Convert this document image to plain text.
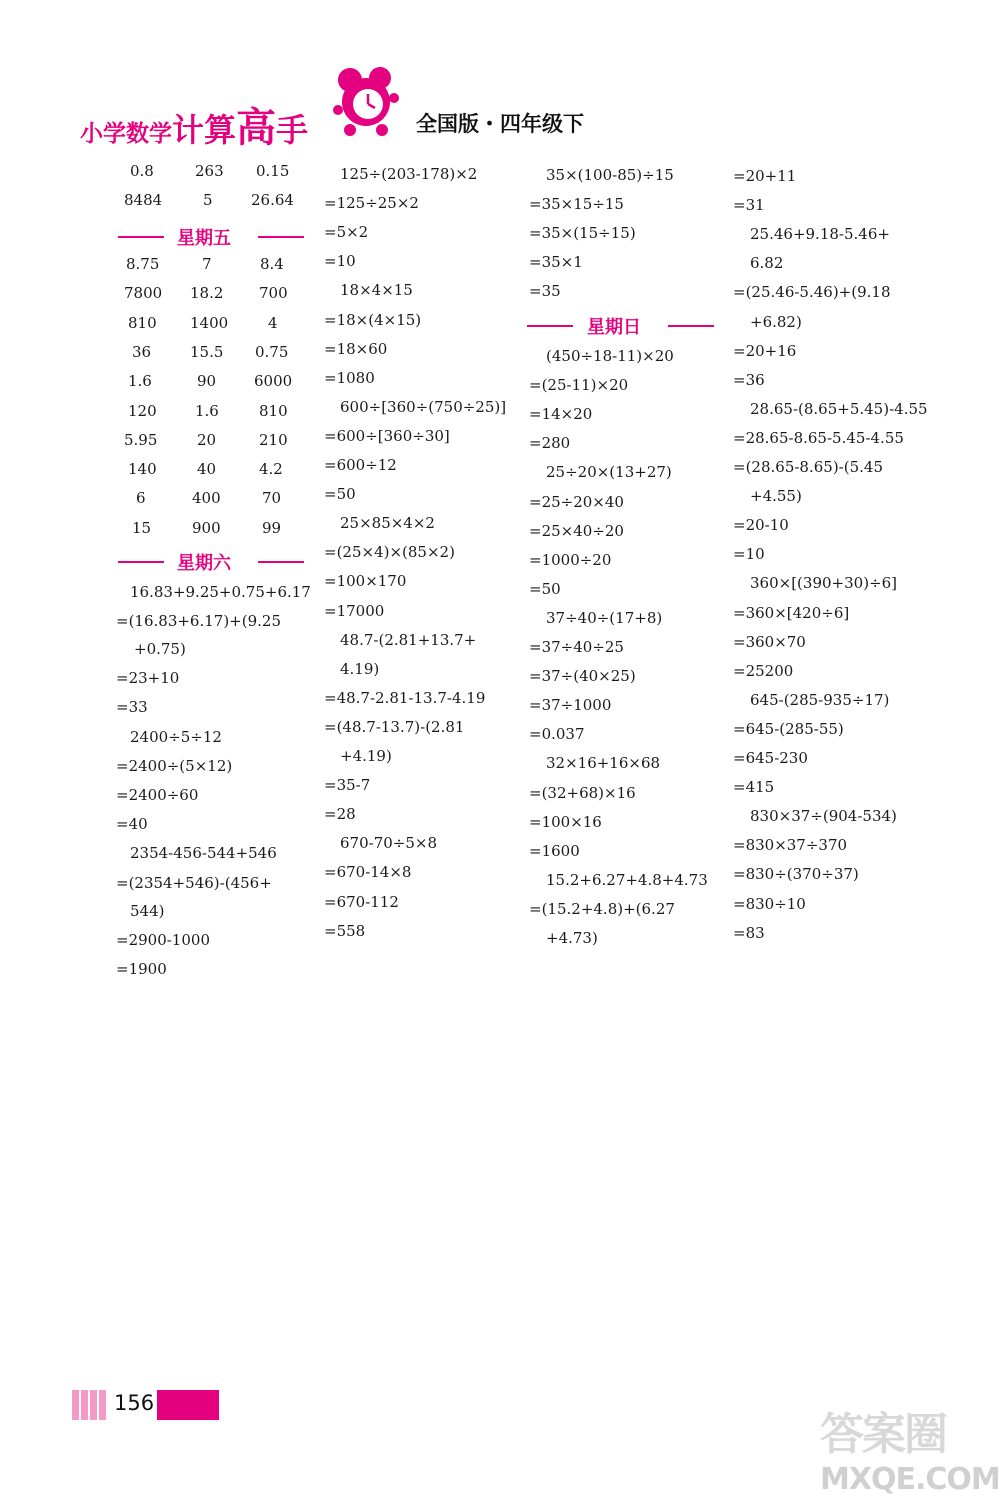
小学数学计算高手	全国版・四年级下
0.8	263 0.15
8484	5	26.64
星期五
8.75	7	8.4
7800 18.2 700
810 1400	4
36	15.5 0.75
1.6	90	6000
120	1.6	810
5.95	20	210
140	40	4.2
6	400	70
15	900	99
星期六
16.83+9.25+0.75+6.17
=(16.83+6.17)+(9.25
+0.75)
=23+10
=33
2400÷5÷12
=2400÷(5×12)
=2400÷60
=40
2354-456-544+546
=(2354+546)-(456+
544)
=2900-1000
=1900
125÷(203-178)×2
=125÷25×2
=5×2
=10
18×4×15
=18×(4×15)
=18×60
=1080
600÷[360÷(750÷25)]
=600÷[360÷30]
=600÷12
=50
25×85×4×2
=(25×4)×(85×2)
=100×170
=17000
48.7-(2.81+13.7+
4.19)
=48.7-2.81-13.7-4.19
=(48.7-13.7)-(2.81
+4.19)
=35-7
=28
670-70÷5×8
=670-14×8
=670-112
=558
35×(100-85)÷15
=35×15÷15
=35×(15÷15)
=35×1
=35
星期日
(450÷18-11)×20
=(25-11)×20
=14×20
=280
25÷20×(13+27)
=25÷20×40
=25×40÷20
=1000÷20
=50
37÷40÷(17+8)
=37÷40÷25
=37÷(40×25)
=37÷1000
=0.037
32×16+16×68
=(32+68)×16
=100×16
=1600
15.2+6.27+4.8+4.73
=(15.2+4.8)+(6.27
+4.73)
=20+11
=31
25.46+9.18-5.46+
6.82
=(25.46-5.46)+(9.18
+6.82)
=20+16
=36
28.65-(8.65+5.45)-4.55
=28.65-8.65-5.45-4.55
=(28.65-8.65)-(5.45
+4.55)
=20-10
=10
360×[(390+30)÷6]
=360×[420÷6]
=360×70
=25200
645-(285-935÷17)
=645-(285-55)
=645-230
=415
830×37÷(904-534)
=830×37÷370
=830÷(370÷37)
=830÷10
=83
156
答案圈
MXQE.COM
